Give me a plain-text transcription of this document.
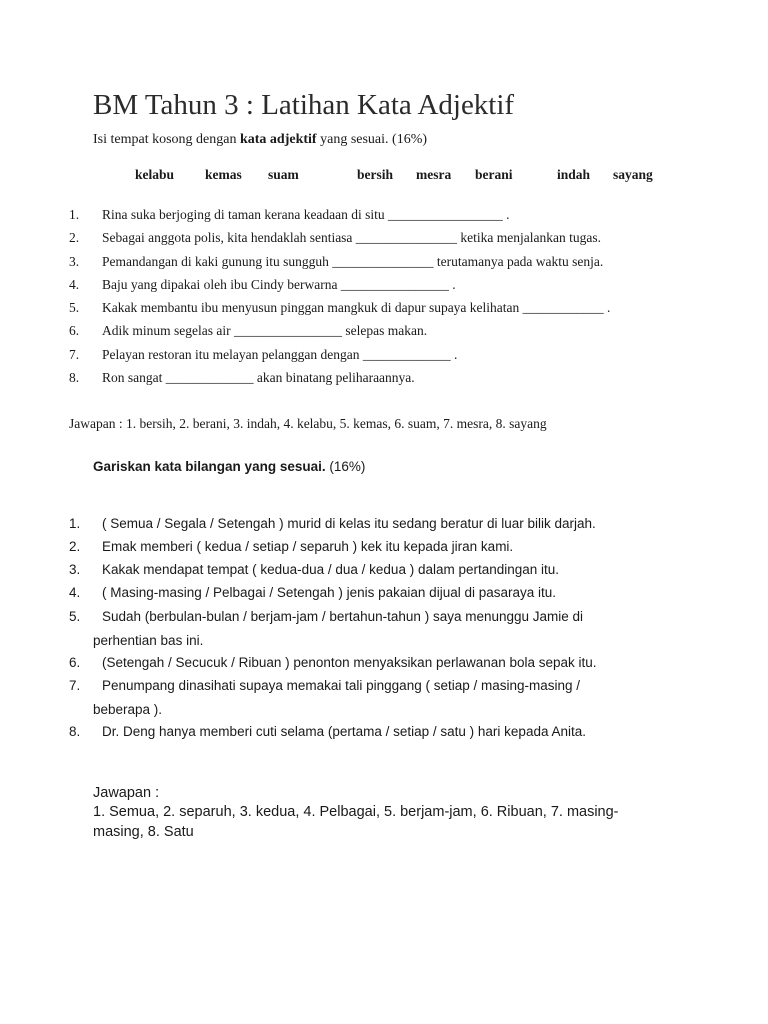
BM Tahun 3 : Latihan Kata Adjektif
Isi tempat kosong dengan kata adjektif yang sesuai. (16%)
kelabu kemas suam	bersih mesra berani	indah sayang
1. Rina suka berjoging di taman kerana keadaan di situ _________________ .
2. Sebagai anggota polis, kita hendaklah sentiasa _______________ ketika menjalankan tugas.
3. Pemandangan di kaki gunung itu sungguh _______________ terutamanya pada waktu senja.
4. Baju yang dipakai oleh ibu Cindy berwarna ________________ .
5. Kakak membantu ibu menyusun pinggan mangkuk di dapur supaya kelihatan ____________ .
6. Adik minum segelas air ________________ selepas makan.
7. Pelayan restoran itu melayan pelanggan dengan _____________ .
8. Ron sangat _____________ akan binatang peliharaannya.
Jawapan : 1. bersih, 2. berani, 3. indah, 4. kelabu, 5. kemas, 6. suam, 7. mesra, 8. sayang
Gariskan kata bilangan yang sesuai. (16%)
1. ( Semua / Segala / Setengah ) murid di kelas itu sedang beratur di luar bilik darjah.
2. Emak memberi ( kedua / setiap / separuh ) kek itu kepada jiran kami.
3. Kakak mendapat tempat ( kedua-dua / dua / kedua ) dalam pertandingan itu.
4. ( Masing-masing / Pelbagai / Setengah ) jenis pakaian dijual di pasaraya itu.
5. Sudah (berbulan-bulan / berjam-jam / bertahun-tahun ) saya menunggu Jamie di
perhentian bas ini.
6. (Setengah / Secucuk / Ribuan ) penonton menyaksikan perlawanan bola sepak itu.
7. Penumpang dinasihati supaya memakai tali pinggang ( setiap / masing-masing /
beberapa ).
8. Dr. Deng hanya memberi cuti selama (pertama / setiap / satu ) hari kepada Anita.
Jawapan :
1. Semua, 2. separuh, 3. kedua, 4. Pelbagai, 5. berjam-jam, 6. Ribuan, 7. masing-
masing, 8. Satu
